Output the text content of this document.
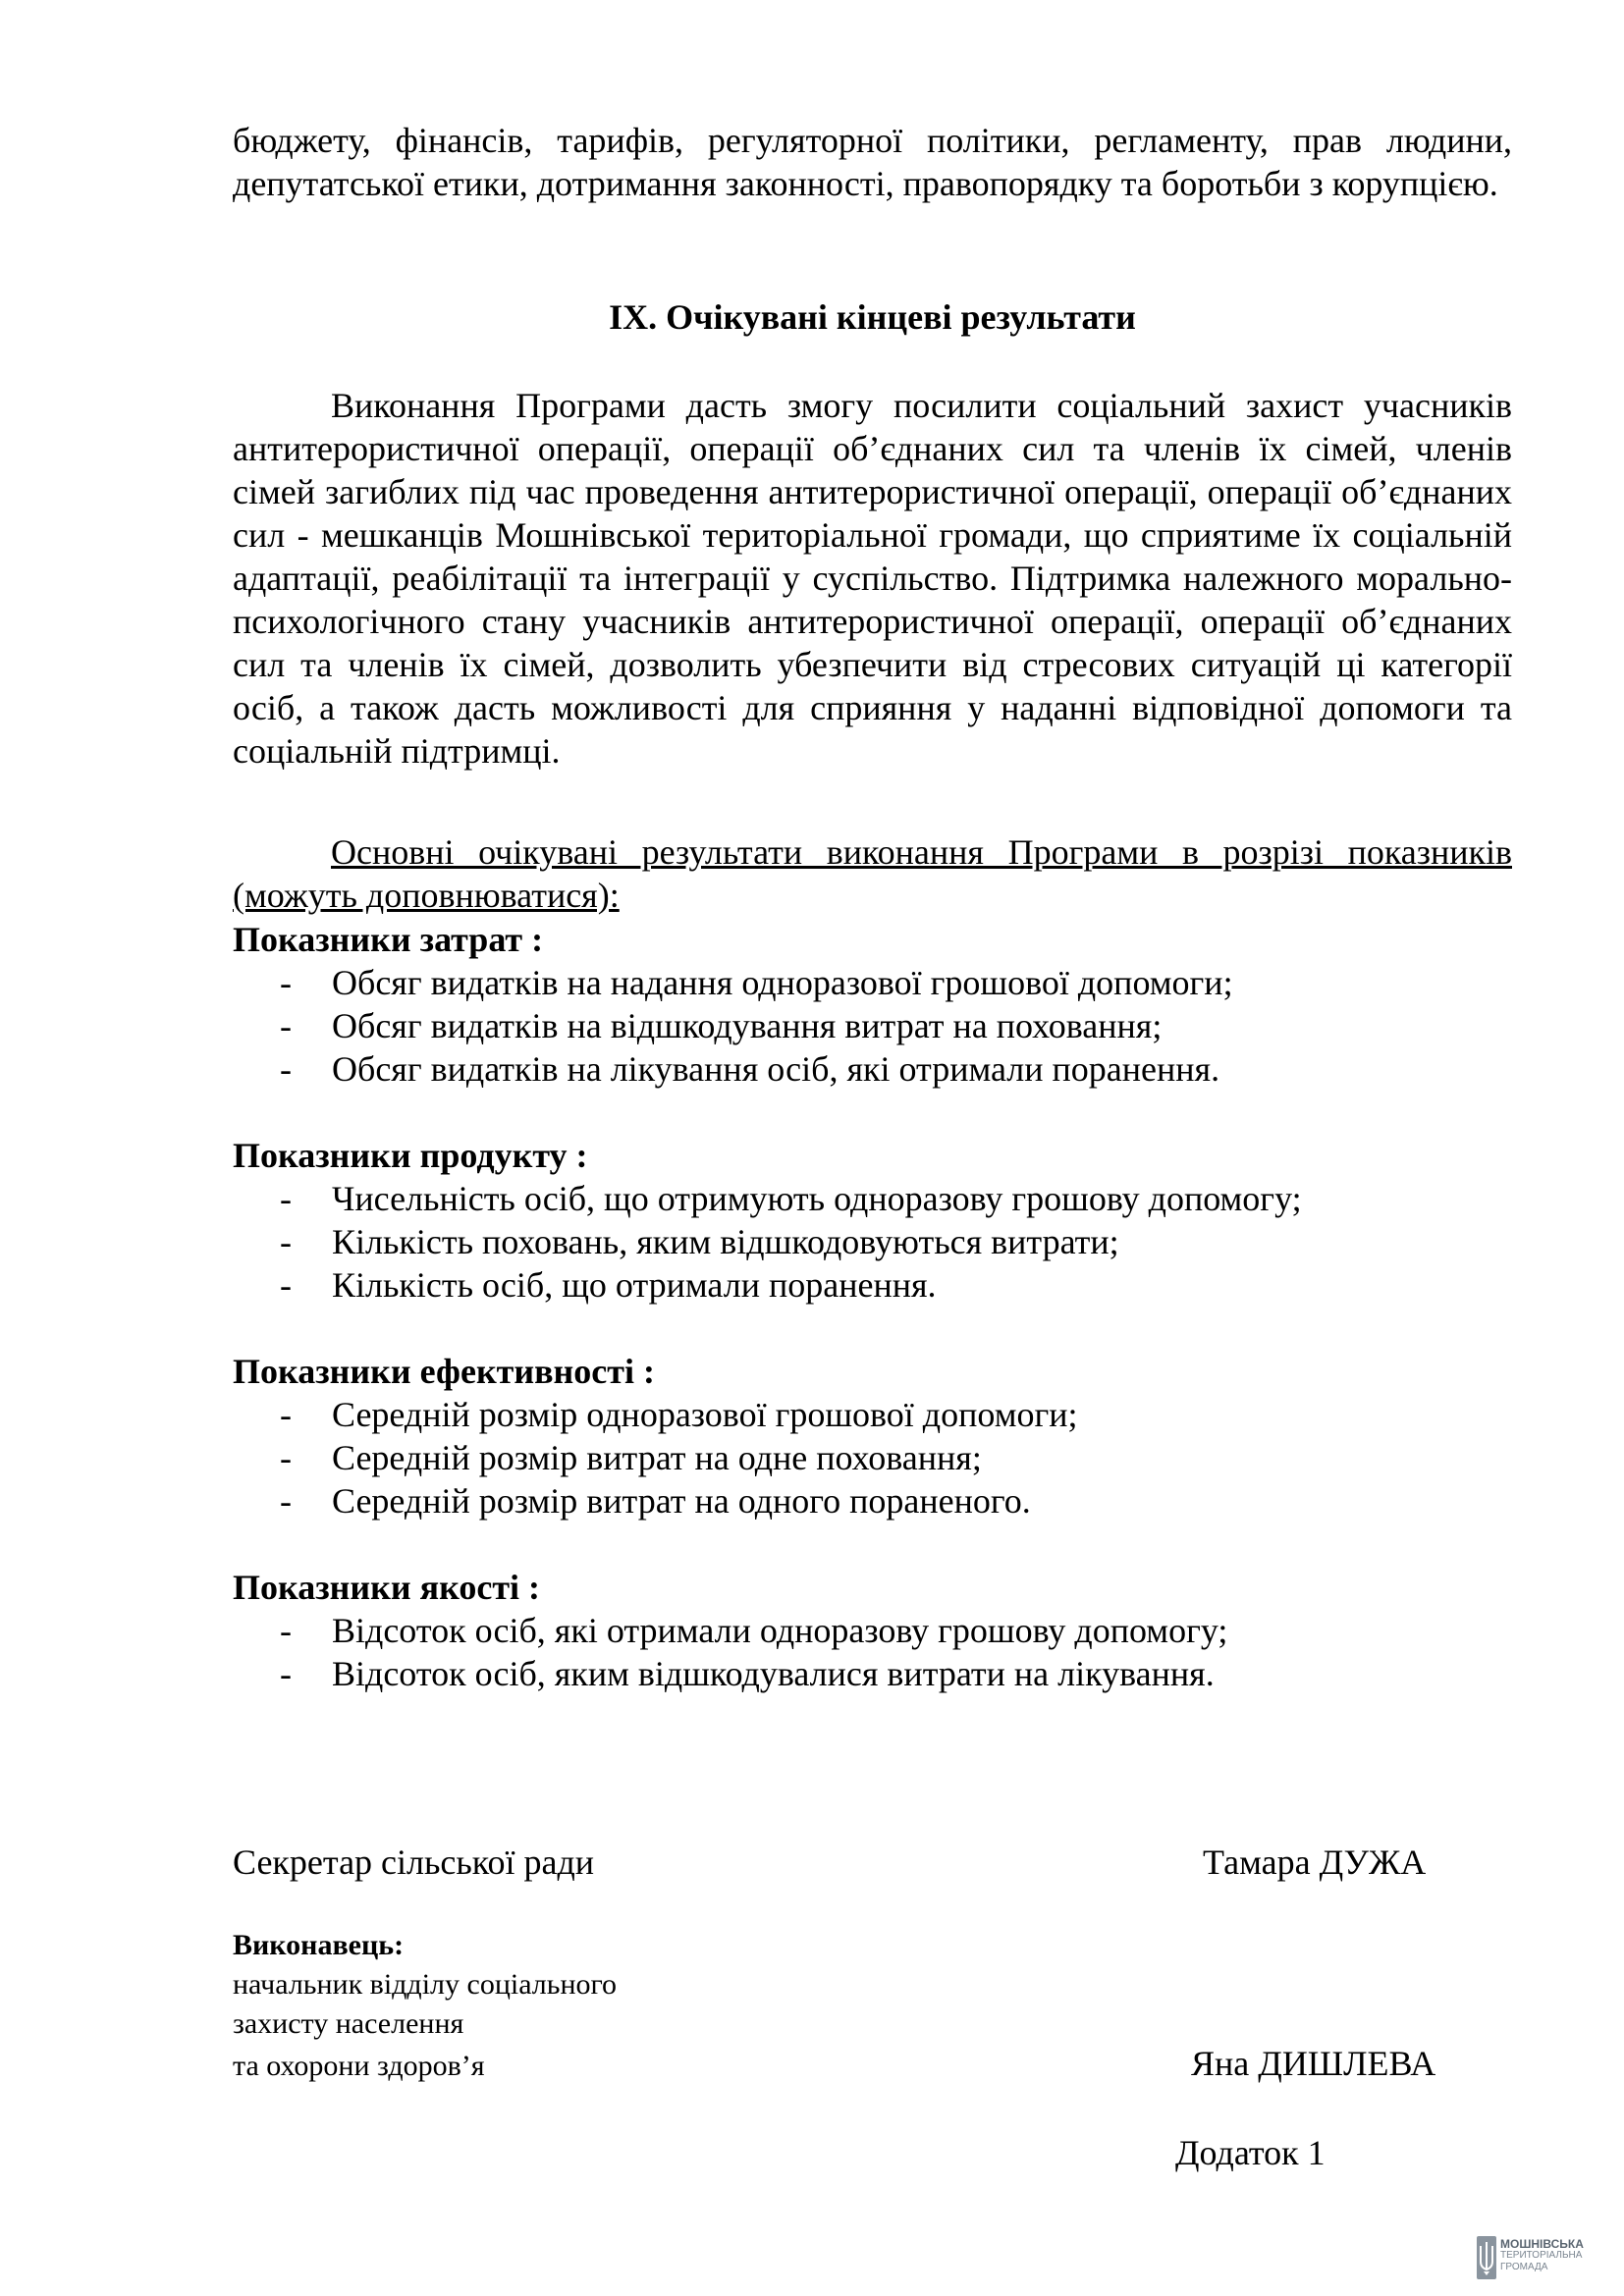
бюджету, фінансів, тарифів, регуляторної політики, регламенту, прав людини, депутатської етики, дотримання законності, правопорядку та боротьби з корупцією.
IX. Очікувані кінцеві результати
Виконання Програми дасть змогу посилити соціальний захист учасників антитерористичної операції, операції об’єднаних сил та членів їх сімей, членів сімей загиблих під час проведення антитерористичної операції, операції об’єднаних сил - мешканців Мошнівської територіальної громади, що сприятиме їх соціальній адаптації, реабілітації та інтеграції у суспільство. Підтримка належного морально-психологічного стану учасників антитерористичної операції, операції об’єднаних сил та членів їх сімей, дозволить убезпечити від стресових ситуацій ці категорії осіб, а також дасть можливості для сприяння у наданні відповідної допомоги та соціальній підтримці.
Основні очікувані результати виконання Програми в розрізі показників (можуть доповнюватися):
Показники затрат :
- Обсяг видатків на надання одноразової грошової допомоги;
- Обсяг видатків на відшкодування витрат на поховання;
- Обсяг видатків на лікування осіб, які отримали поранення.
Показники продукту :
- Чисельність осіб, що отримують одноразову грошову допомогу;
- Кількість поховань, яким відшкодовуються витрати;
- Кількість осіб, що отримали поранення.
Показники ефективності :
- Середній розмір одноразової грошової допомоги;
- Середній розмір витрат на одне поховання;
- Середній розмір витрат на одного пораненого.
Показники якості :
- Відсоток осіб, які отримали одноразову грошову допомогу;
- Відсоток осіб, яким відшкодувалися витрати на лікування.
Секретар сільської ради	Тамара ДУЖА
Виконавець:
начальник відділу соціального
захисту населення
та охорони здоров’я	Яна ДИШЛЕВА
Додаток 1
МОШНІВСЬКА
ТЕРИТОРІАЛЬНА
ГРОМАДА
